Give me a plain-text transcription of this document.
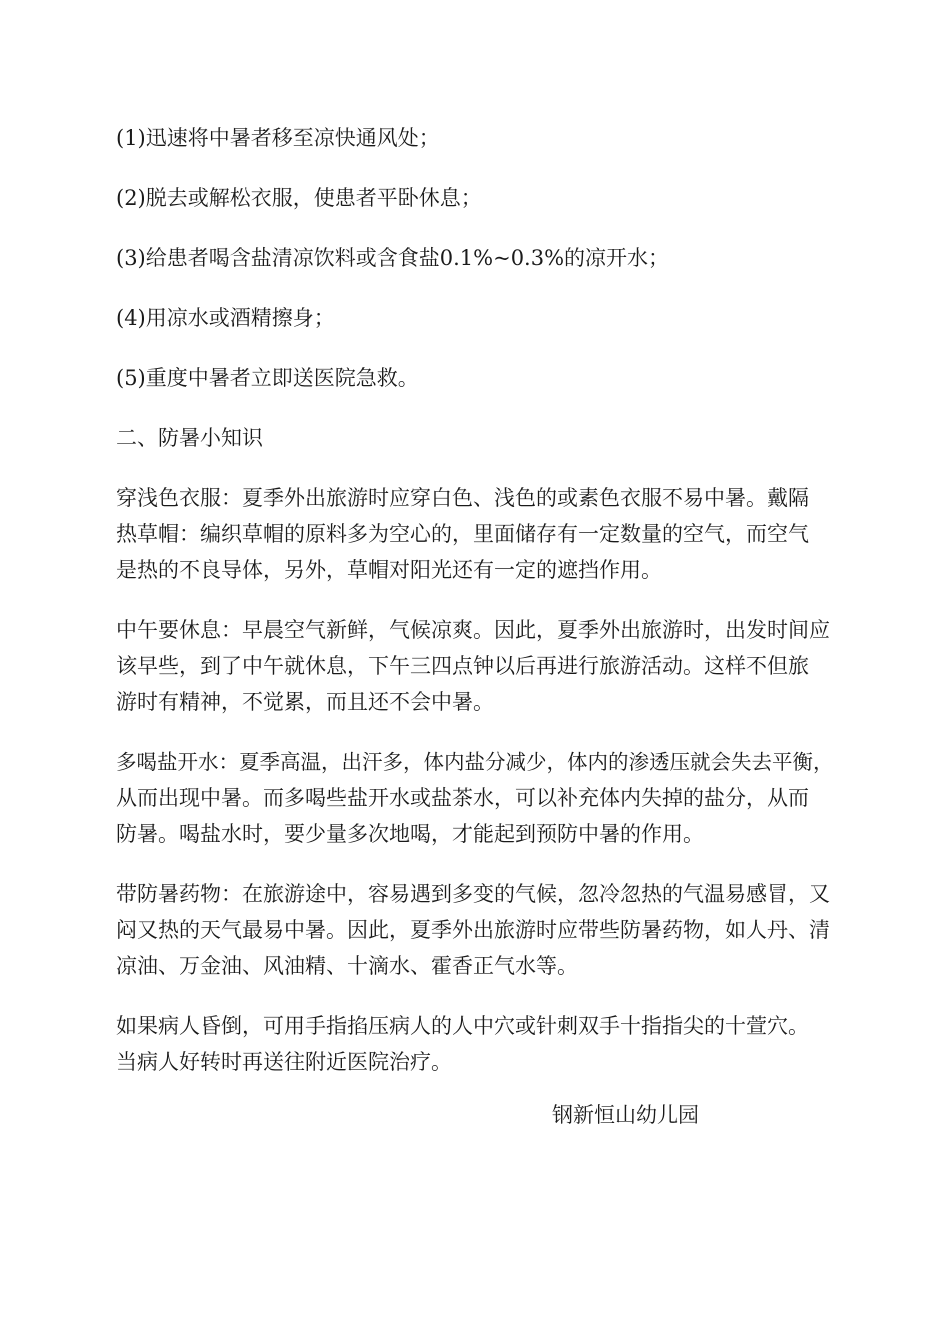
(1)迅速将中暑者移至凉快通风处；
(2)脱去或解松衣服，使患者平卧休息；
(3)给患者喝含盐清凉饮料或含食盐0.1%~0.3%的凉开水；
(4)用凉水或酒精擦身；
(5)重度中暑者立即送医院急救。
二、防暑小知识
穿浅色衣服：夏季外出旅游时应穿白色、浅色的或素色衣服不易中暑。戴隔
热草帽：编织草帽的原料多为空心的，里面储存有一定数量的空气，而空气
是热的不良导体，另外，草帽对阳光还有一定的遮挡作用。
中午要休息：早晨空气新鲜，气候凉爽。因此，夏季外出旅游时，出发时间应
该早些，到了中午就休息，下午三四点钟以后再进行旅游活动。这样不但旅
游时有精神，不觉累，而且还不会中暑。
多喝盐开水：夏季高温，出汗多，体内盐分减少，体内的渗透压就会失去平衡，
从而出现中暑。而多喝些盐开水或盐茶水，可以补充体内失掉的盐分，从而
防暑。喝盐水时，要少量多次地喝，才能起到预防中暑的作用。
带防暑药物：在旅游途中，容易遇到多变的气候，忽冷忽热的气温易感冒，又
闷又热的天气最易中暑。因此，夏季外出旅游时应带些防暑药物，如人丹、清
凉油、万金油、风油精、十滴水、霍香正气水等。
如果病人昏倒，可用手指掐压病人的人中穴或针刺双手十指指尖的十萱穴。
当病人好转时再送往附近医院治疗。
钢新恒山幼儿园
